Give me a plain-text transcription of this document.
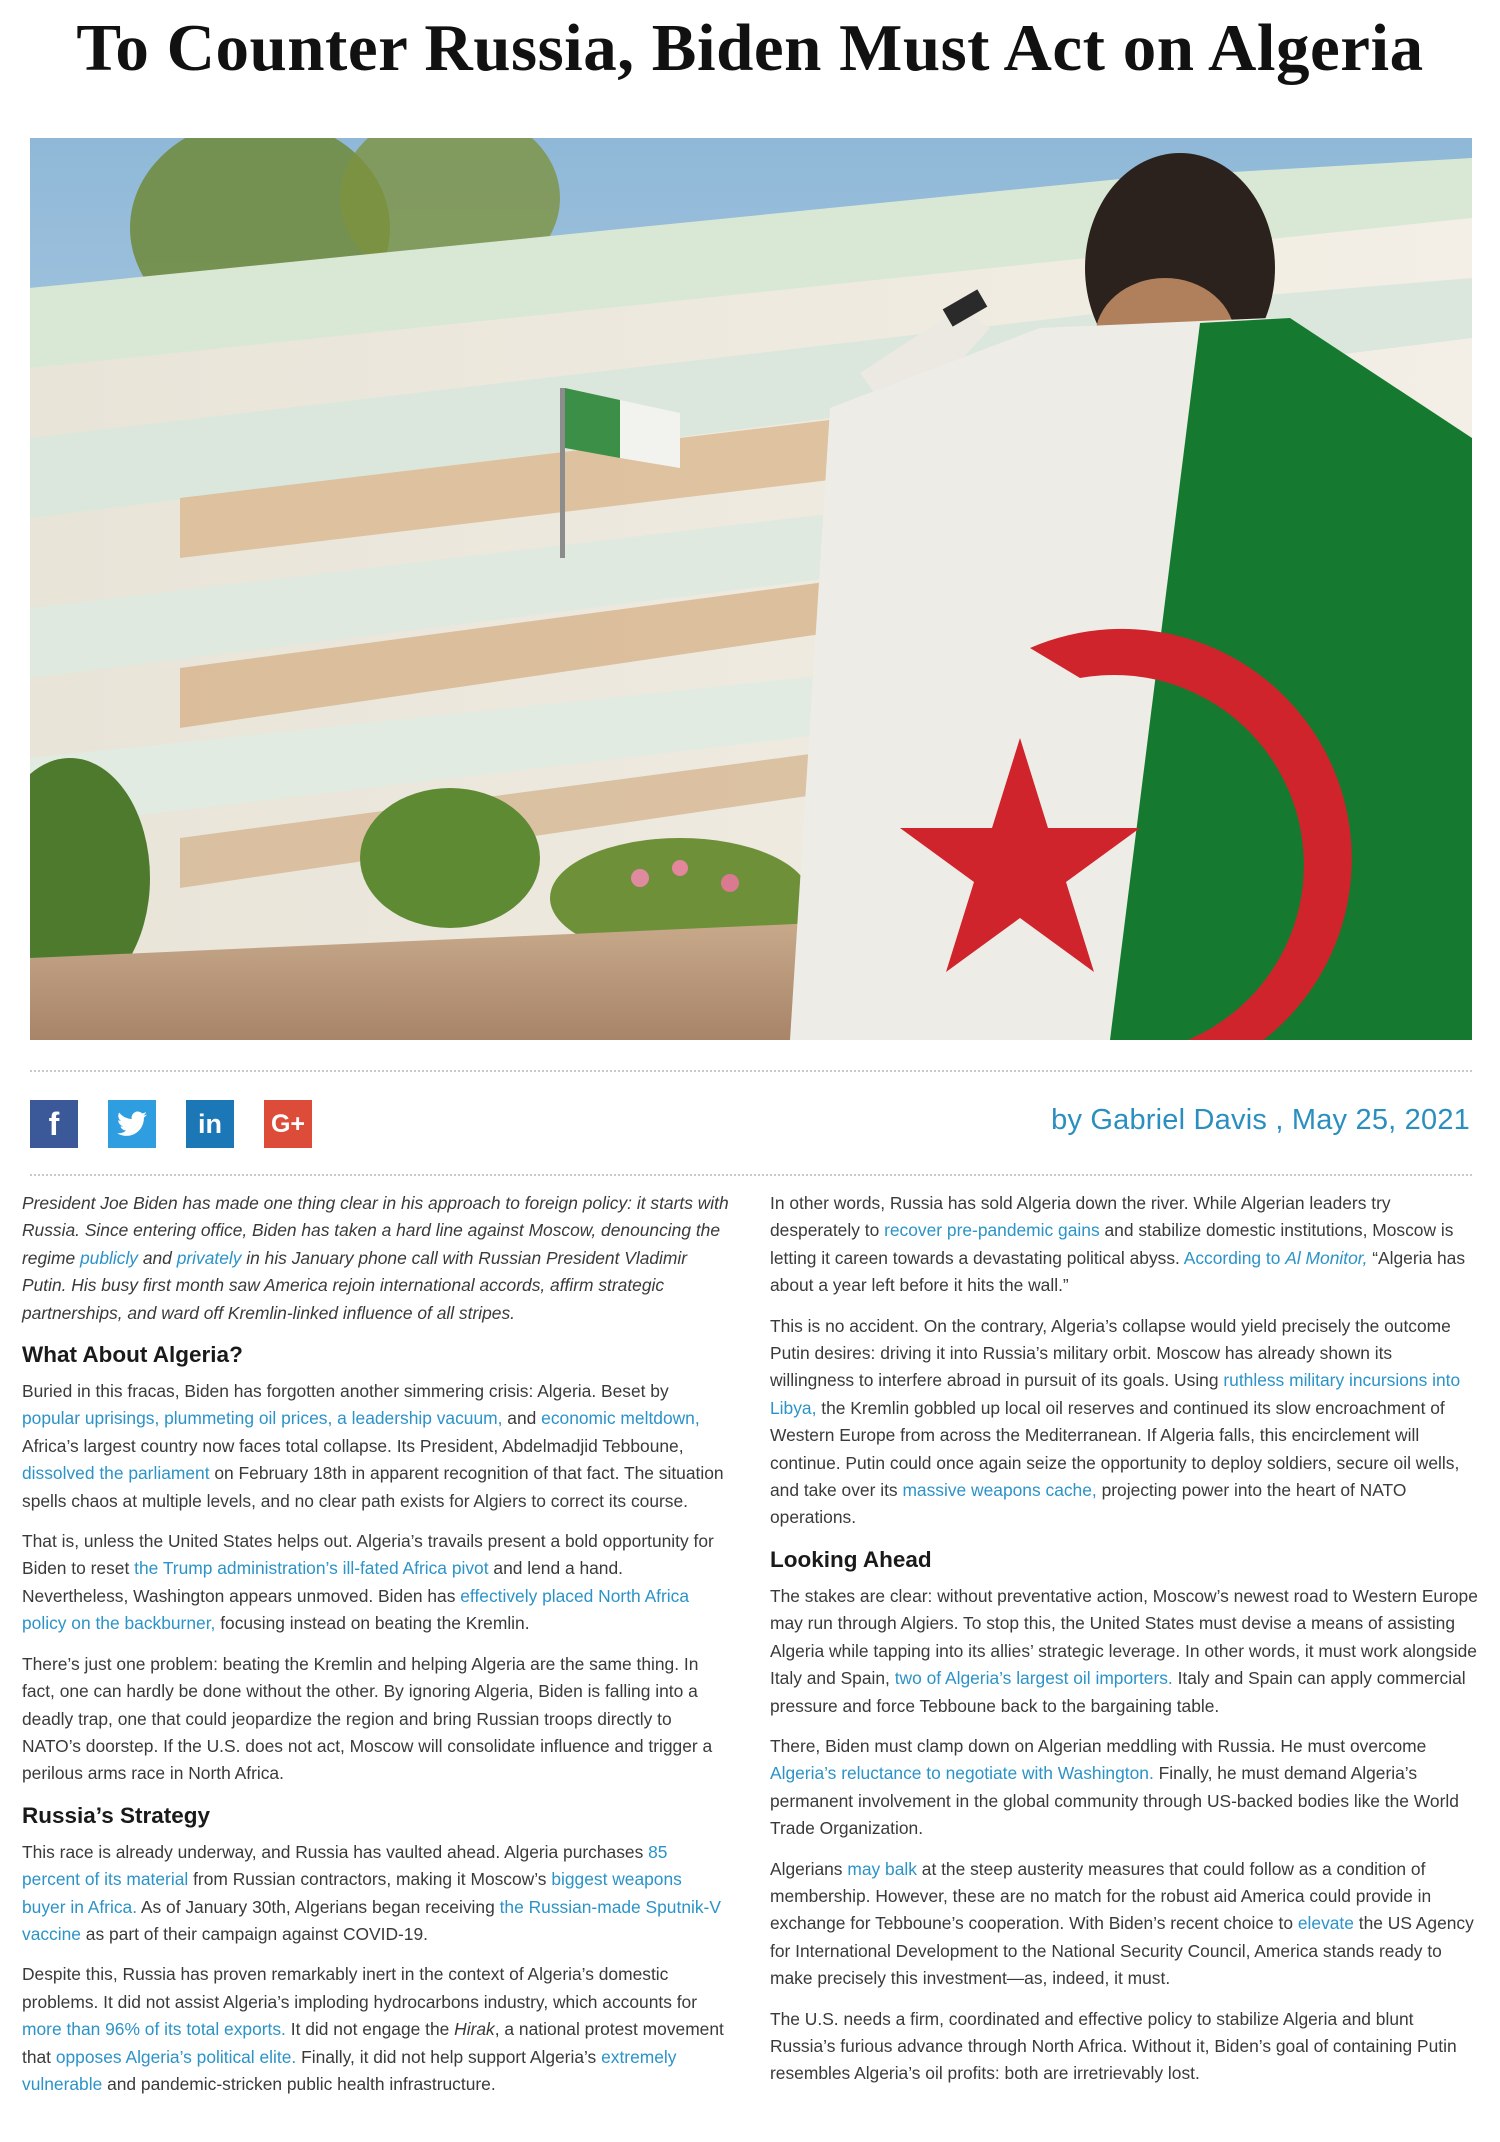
To Counter Russia, Biden Must Act on Algeria
f	in G+	by Gabriel Davis , May 25, 2021

President Joe Biden has made one thing clear in his approach to foreign policy: it starts with Russia. Since entering office, Biden has taken a hard line against Moscow, denouncing the regime publicly and privately in his January phone call with Russian President Vladimir Putin. His busy first month saw America rejoin international accords, affirm strategic partnerships, and ward off Kremlin-linked influence of all stripes.

What About Algeria?

Buried in this fracas, Biden has forgotten another simmering crisis: Algeria. Beset by popular uprisings, plummeting oil prices, a leadership vacuum, and economic meltdown, Africa’s largest country now faces total collapse. Its President, Abdelmadjid Tebboune, dissolved the parliament on February 18th in apparent recognition of that fact. The situation spells chaos at multiple levels, and no clear path exists for Algiers to correct its course.

That is, unless the United States helps out. Algeria’s travails present a bold opportunity for Biden to reset the Trump administration’s ill-fated Africa pivot and lend a hand. Nevertheless, Washington appears unmoved. Biden has effectively placed North Africa policy on the backburner, focusing instead on beating the Kremlin.

There’s just one problem: beating the Kremlin and helping Algeria are the same thing. In fact, one can hardly be done without the other. By ignoring Algeria, Biden is falling into a deadly trap, one that could jeopardize the region and bring Russian troops directly to NATO’s doorstep. If the U.S. does not act, Moscow will consolidate influence and trigger a perilous arms race in North Africa.

Russia’s Strategy

This race is already underway, and Russia has vaulted ahead. Algeria purchases 85 percent of its material from Russian contractors, making it Moscow’s biggest weapons buyer in Africa. As of January 30th, Algerians began receiving the Russian-made Sputnik-V vaccine as part of their campaign against COVID-19.

Despite this, Russia has proven remarkably inert in the context of Algeria’s domestic problems. It did not assist Algeria’s imploding hydrocarbons industry, which accounts for more than 96% of its total exports. It did not engage the Hirak, a national protest movement that opposes Algeria’s political elite. Finally, it did not help support Algeria’s extremely vulnerable and pandemic-stricken public health infrastructure.

In other words, Russia has sold Algeria down the river. While Algerian leaders try desperately to recover pre-pandemic gains and stabilize domestic institutions, Moscow is letting it careen towards a devastating political abyss. According to Al Monitor, “Algeria has about a year left before it hits the wall.”

This is no accident. On the contrary, Algeria’s collapse would yield precisely the outcome Putin desires: driving it into Russia’s military orbit. Moscow has already shown its willingness to interfere abroad in pursuit of its goals. Using ruthless military incursions into Libya, the Kremlin gobbled up local oil reserves and continued its slow encroachment of Western Europe from across the Mediterranean. If Algeria falls, this encirclement will continue. Putin could once again seize the opportunity to deploy soldiers, secure oil wells, and take over its massive weapons cache, projecting power into the heart of NATO operations.

Looking Ahead

The stakes are clear: without preventative action, Moscow’s newest road to Western Europe may run through Algiers. To stop this, the United States must devise a means of assisting Algeria while tapping into its allies’ strategic leverage. In other words, it must work alongside Italy and Spain, two of Algeria’s largest oil importers. Italy and Spain can apply commercial pressure and force Tebboune back to the bargaining table.

There, Biden must clamp down on Algerian meddling with Russia. He must overcome Algeria’s reluctance to negotiate with Washington. Finally, he must demand Algeria’s permanent involvement in the global community through US-backed bodies like the World Trade Organization.

Algerians may balk at the steep austerity measures that could follow as a condition of membership. However, these are no match for the robust aid America could provide in exchange for Tebboune’s cooperation. With Biden’s recent choice to elevate the US Agency for International Development to the National Security Council, America stands ready to make precisely this investment—as, indeed, it must.

The U.S. needs a firm, coordinated and effective policy to stabilize Algeria and blunt Russia’s furious advance through North Africa. Without it, Biden’s goal of containing Putin resembles Algeria’s oil profits: both are irretrievably lost.
